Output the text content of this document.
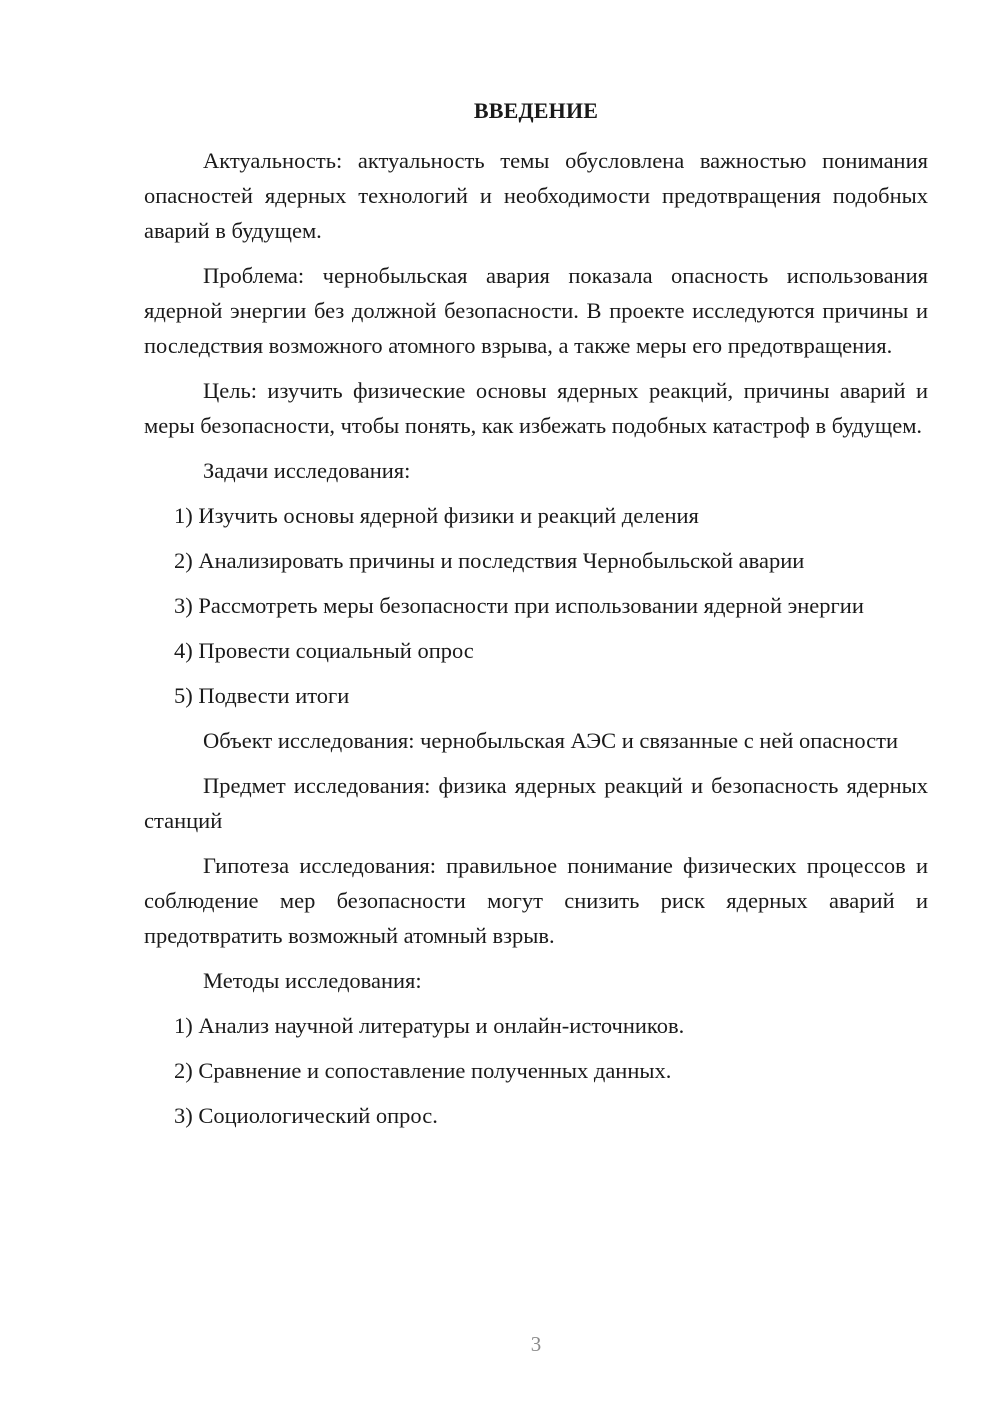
ВВЕДЕНИЕ

Актуальность: актуальность темы обусловлена важностью понимания опасностей ядерных технологий и необходимости предотвращения подобных аварий в будущем.

Проблема: чернобыльская авария показала опасность использования ядерной энергии без должной безопасности. В проекте исследуются причины и последствия возможного атомного взрыва, а также меры его предотвращения.

Цель: изучить физические основы ядерных реакций, причины аварий и меры безопасности, чтобы понять, как избежать подобных катастроф в будущем.

Задачи исследования:

1) Изучить основы ядерной физики и реакций деления

2) Анализировать причины и последствия Чернобыльской аварии

3) Рассмотреть меры безопасности при использовании ядерной энергии

4) Провести социальный опрос

5) Подвести итоги

Объект исследования: чернобыльская АЭС и связанные с ней опасности

Предмет исследования: физика ядерных реакций и безопасность ядерных станций

Гипотеза исследования: правильное понимание физических процессов и соблюдение мер безопасности могут снизить риск ядерных аварий и предотвратить возможный атомный взрыв.

Методы исследования:

1) Анализ научной литературы и онлайн-источников.

2) Сравнение и сопоставление полученных данных.

3) Социологический опрос.

3
